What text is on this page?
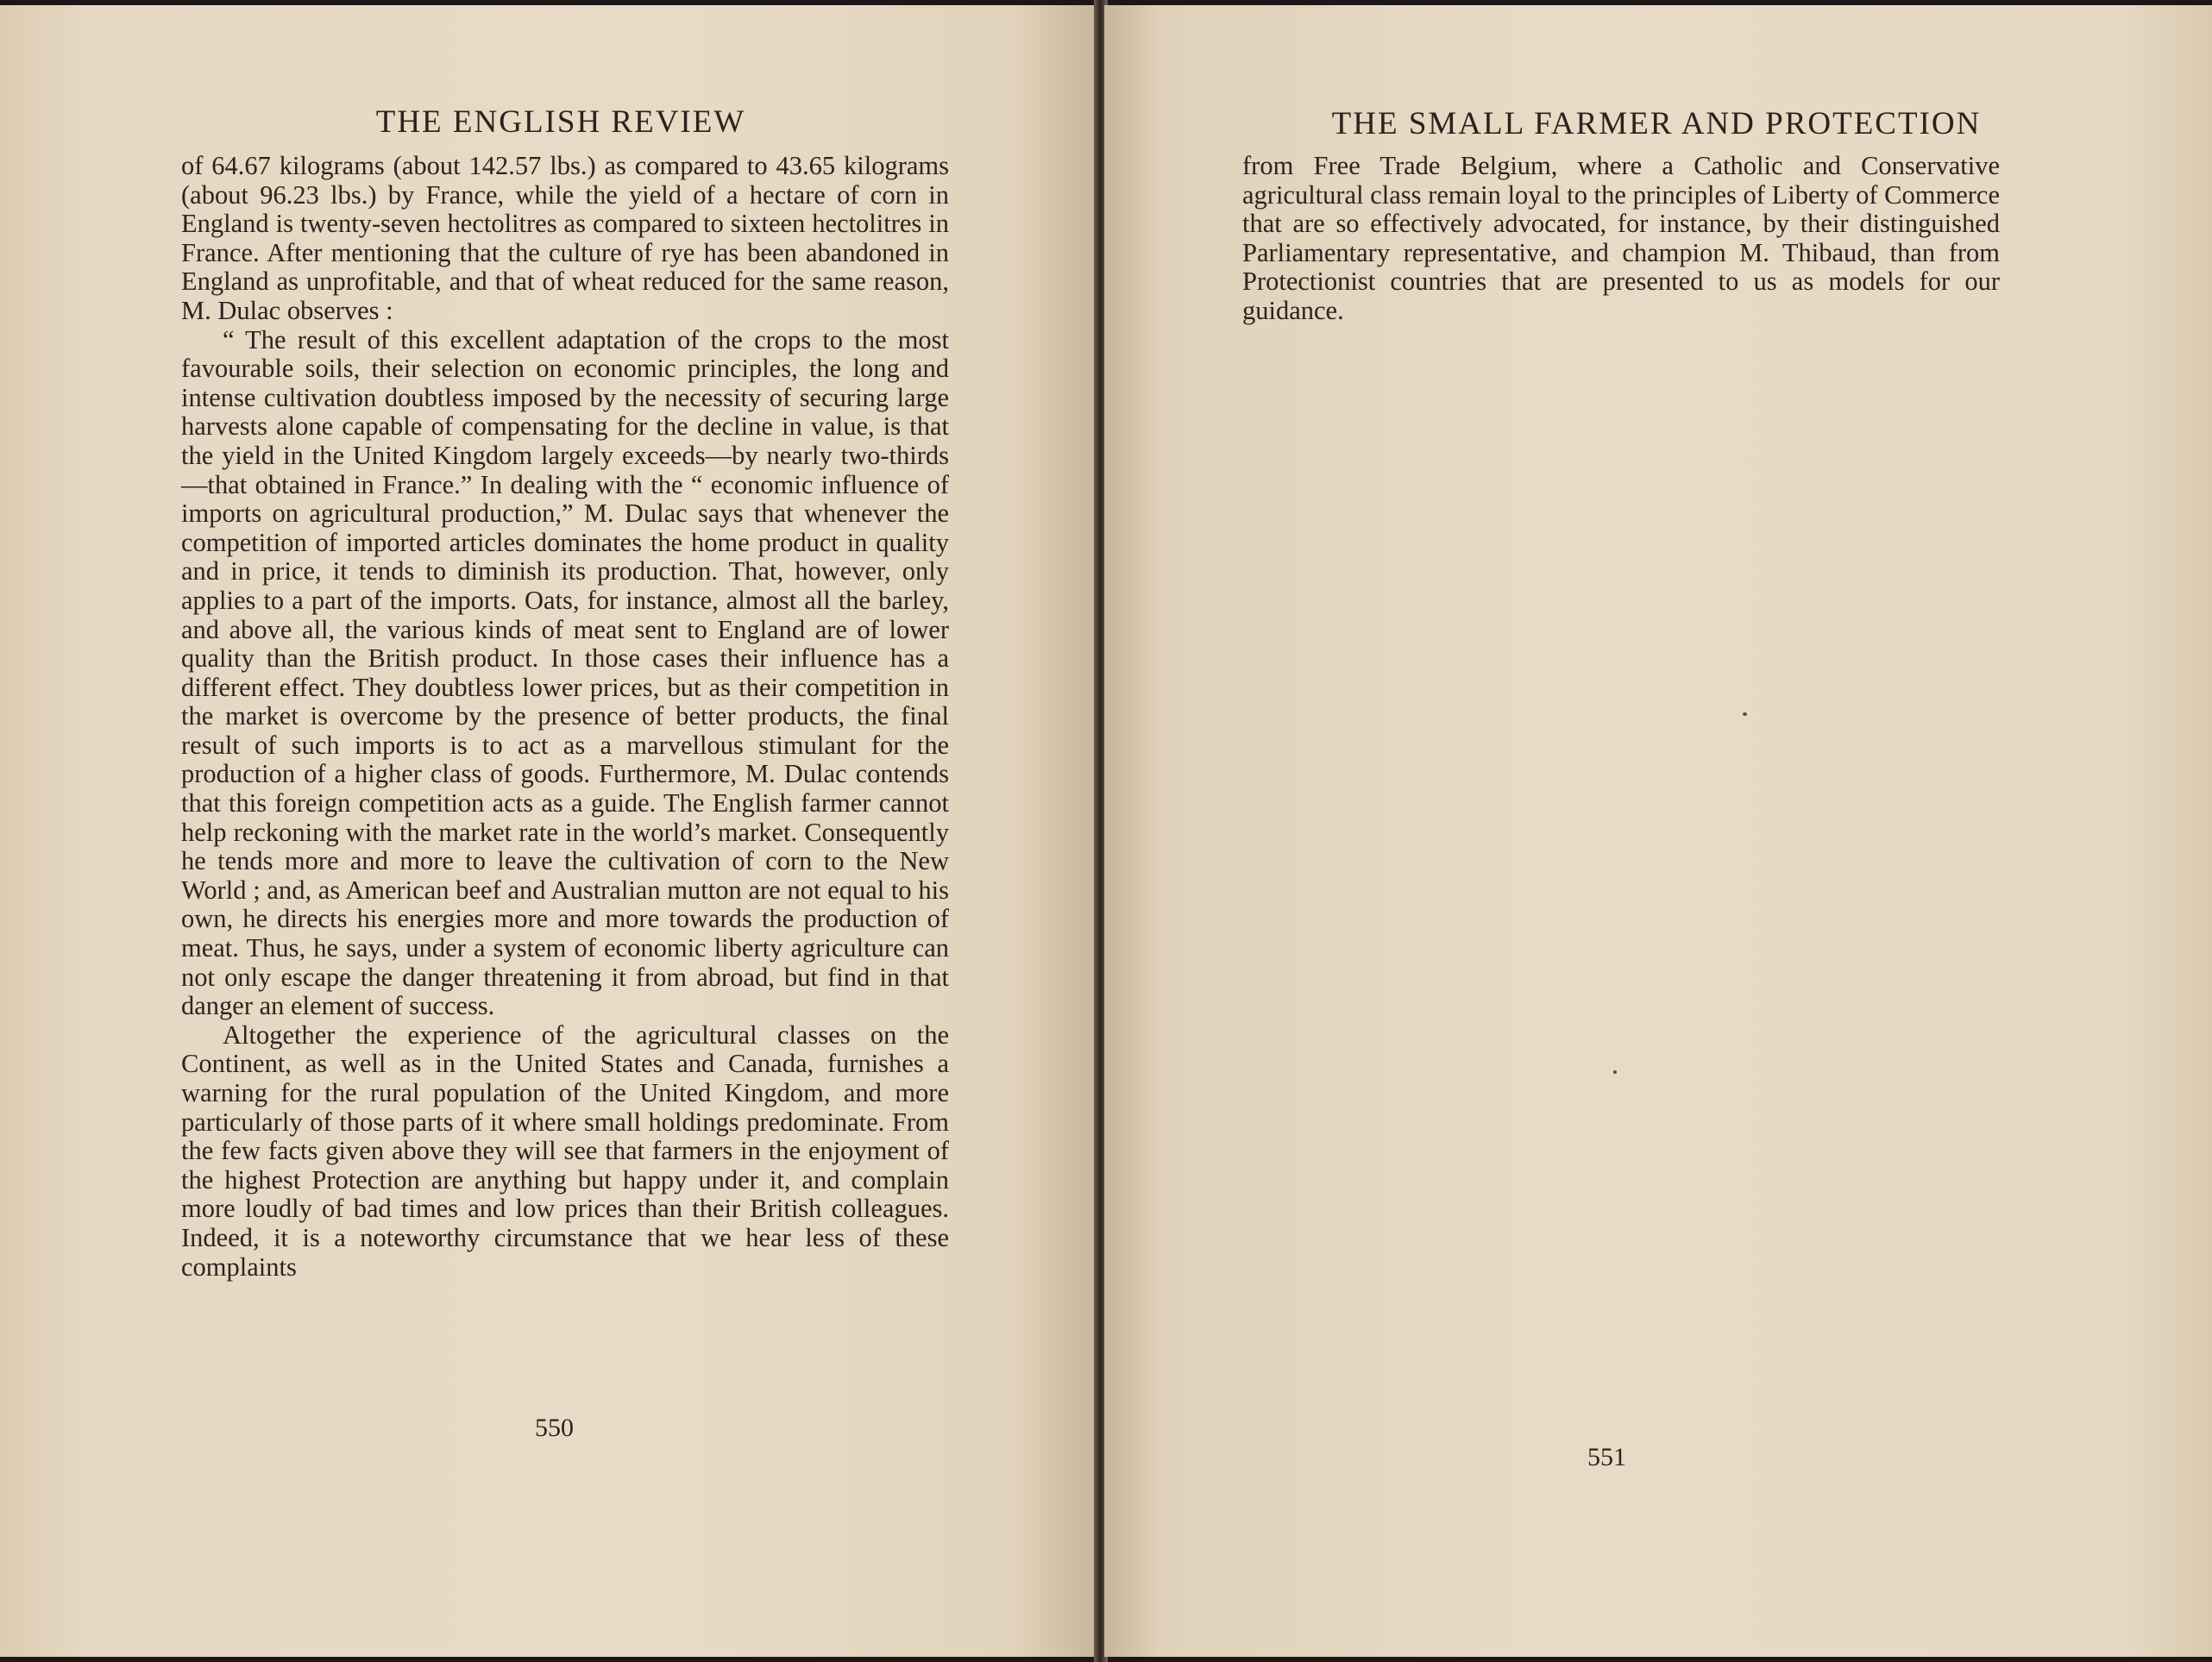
THE ENGLISH REVIEW

of 64.67 kilograms (about 142.57 lbs.) as compared to 43.65 kilograms (about 96.23 lbs.) by France, while the yield of a hectare of corn in England is twenty-seven hectolitres as compared to sixteen hectolitres in France. After mentioning that the culture of rye has been abandoned in England as unprofitable, and that of wheat reduced for the same reason, M. Dulac observes :

“ The result of this excellent adaptation of the crops to the most favourable soils, their selection on economic principles, the long and intense cultivation doubtless imposed by the necessity of securing large harvests alone capable of compensating for the decline in value, is that the yield in the United Kingdom largely exceeds—by nearly two-thirds—that obtained in France.” In dealing with the “ economic influence of imports on agricultural production,” M. Dulac says that whenever the competition of imported articles dominates the home product in quality and in price, it tends to diminish its production. That, however, only applies to a part of the imports. Oats, for instance, almost all the barley, and above all, the various kinds of meat sent to England are of lower quality than the British product. In those cases their influence has a different effect. They doubtless lower prices, but as their competition in the market is overcome by the presence of better products, the final result of such imports is to act as a marvellous stimulant for the production of a higher class of goods. Furthermore, M. Dulac contends that this foreign competition acts as a guide. The English farmer cannot help reckoning with the market rate in the world’s market. Consequently he tends more and more to leave the cultivation of corn to the New World ; and, as American beef and Australian mutton are not equal to his own, he directs his energies more and more towards the production of meat. Thus, he says, under a system of economic liberty agriculture can not only escape the danger threatening it from abroad, but find in that danger an element of success.

Altogether the experience of the agricultural classes on the Continent, as well as in the United States and Canada, furnishes a warning for the rural population of the United Kingdom, and more particularly of those parts of it where small holdings predominate. From the few facts given above they will see that farmers in the enjoyment of the highest Protection are anything but happy under it, and complain more loudly of bad times and low prices than their British colleagues. Indeed, it is a noteworthy circumstance that we hear less of these complaints

550
THE SMALL FARMER AND PROTECTION

from Free Trade Belgium, where a Catholic and Conservative agricultural class remain loyal to the principles of Liberty of Commerce that are so effectively advocated, for instance, by their distinguished Parliamentary representative, and champion M. Thibaud, than from Protectionist countries that are presented to us as models for our guidance.

551
